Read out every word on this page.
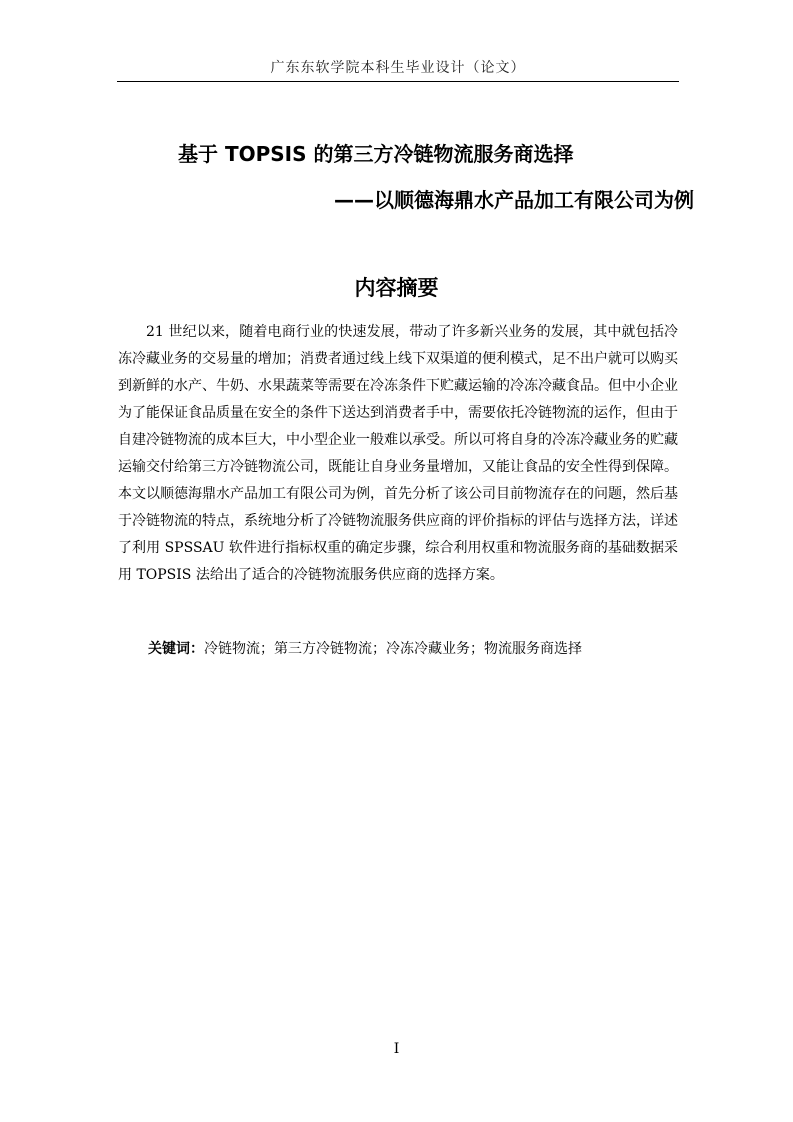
广东东软学院本科生毕业设计（论文）
基于 TOPSIS 的第三方冷链物流服务商选择
——以顺德海鼎水产品加工有限公司为例
内容摘要

21 世纪以来，随着电商行业的快速发展，带动了许多新兴业务的发展，其中就包括冷冻冷藏业务的交易量的增加；消费者通过线上线下双渠道的便利模式，足不出户就可以购买到新鲜的水产、牛奶、水果蔬菜等需要在冷冻条件下贮藏运输的冷冻冷藏食品。但中小企业为了能保证食品质量在安全的条件下送达到消费者手中，需要依托冷链物流的运作，但由于自建冷链物流的成本巨大，中小型企业一般难以承受。所以可将自身的冷冻冷藏业务的贮藏运输交付给第三方冷链物流公司，既能让自身业务量增加，又能让食品的安全性得到保障。本文以顺德海鼎水产品加工有限公司为例，首先分析了该公司目前物流存在的问题，然后基于冷链物流的特点，系统地分析了冷链物流服务供应商的评价指标的评估与选择方法，详述了利用 SPSSAU 软件进行指标权重的确定步骤，综合利用权重和物流服务商的基础数据采用 TOPSIS 法给出了适合的冷链物流服务供应商的选择方案。

关键词：冷链物流；第三方冷链物流；冷冻冷藏业务；物流服务商选择
I
